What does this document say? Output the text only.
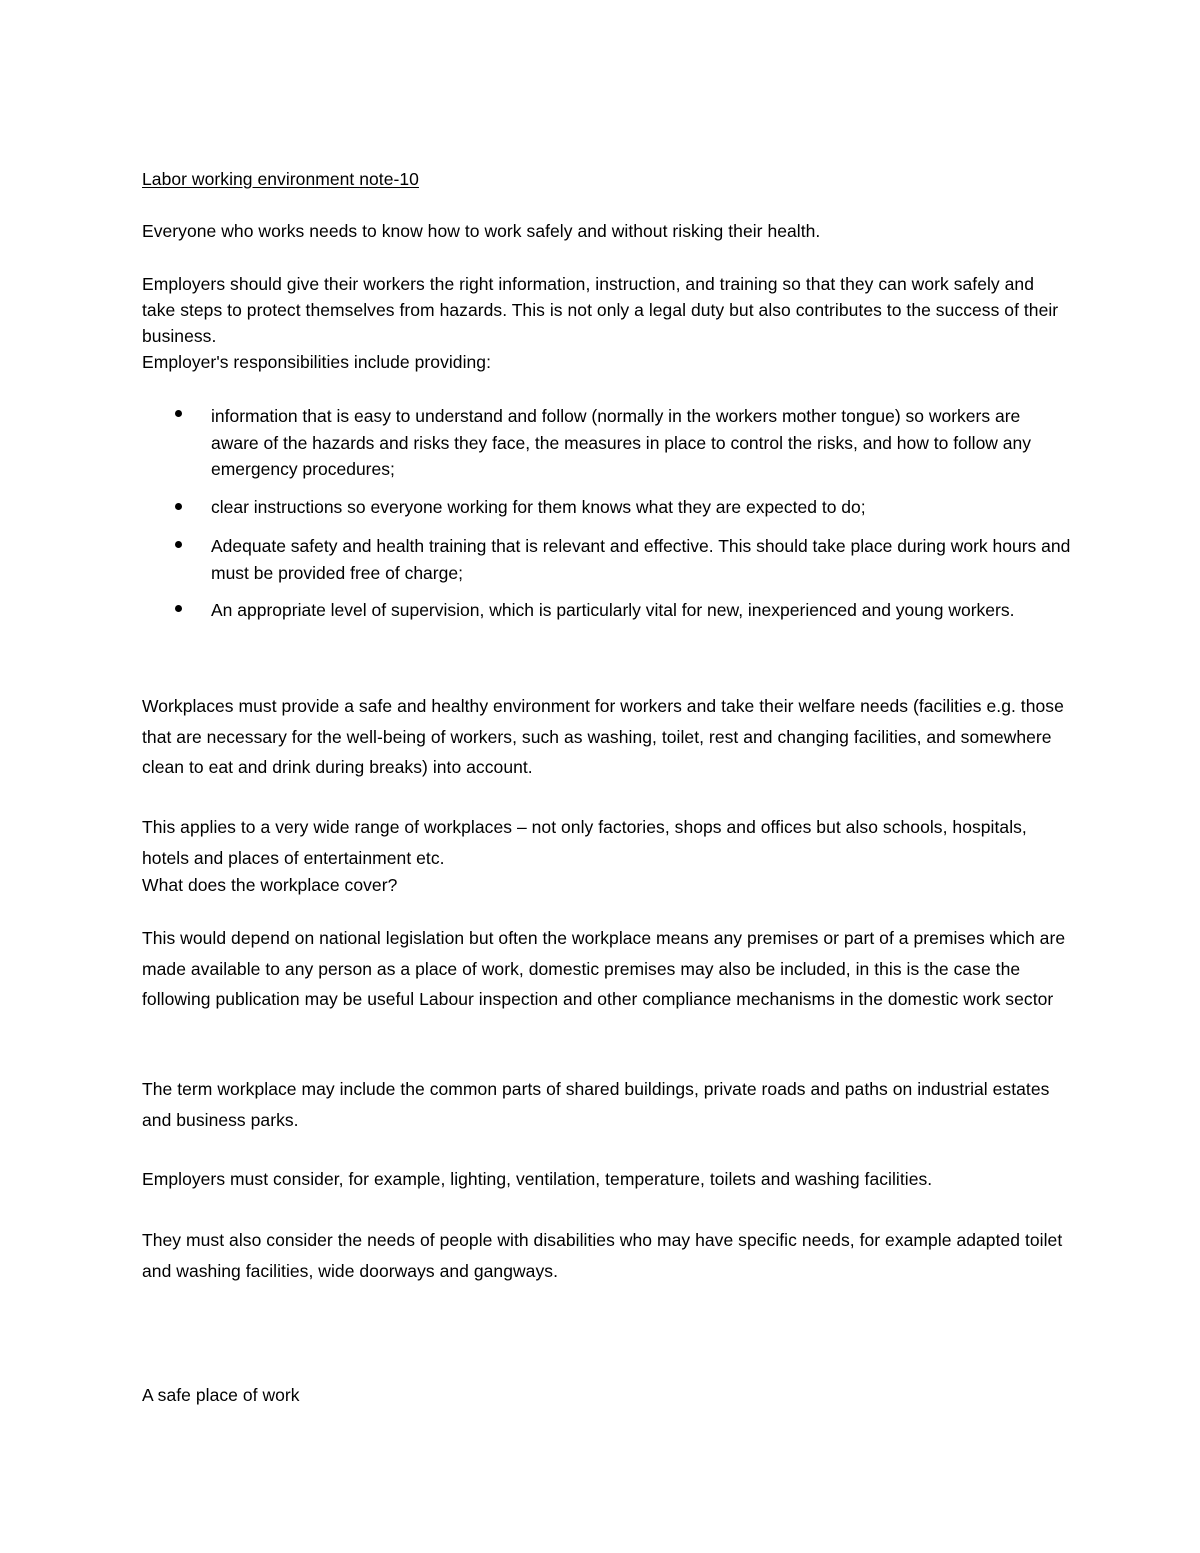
Labor working environment note-10

Everyone who works needs to know how to work safely and without risking their health.

Employers should give their workers the right information, instruction, and training so that they can work safely and take steps to protect themselves from hazards. This is not only a legal duty but also contributes to the success of their business.

Employer's responsibilities include providing:

information that is easy to understand and follow (normally in the workers mother tongue) so workers are aware of the hazards and risks they face, the measures in place to control the risks, and how to follow any emergency procedures;

clear instructions so everyone working for them knows what they are expected to do;

Adequate safety and health training that is relevant and effective. This should take place during work hours and must be provided free of charge;

An appropriate level of supervision, which is particularly vital for new, inexperienced and young workers.

Workplaces must provide a safe and healthy environment for workers and take their welfare needs (facilities e.g. those that are necessary for the well-being of workers, such as washing, toilet, rest and changing facilities, and somewhere clean to eat and drink during breaks) into account.

This applies to a very wide range of workplaces – not only factories, shops and offices but also schools, hospitals, hotels and places of entertainment etc.

What does the workplace cover?

This would depend on national legislation but often the workplace means any premises or part of a premises which are made available to any person as a place of work, domestic premises may also be included, in this is the case the following publication may be useful Labour inspection and other compliance mechanisms in the domestic work sector

The term workplace may include the common parts of shared buildings, private roads and paths on industrial estates and business parks.

Employers must consider, for example, lighting, ventilation, temperature, toilets and washing facilities.

They must also consider the needs of people with disabilities who may have specific needs, for example adapted toilet and washing facilities, wide doorways and gangways.

A safe place of work
